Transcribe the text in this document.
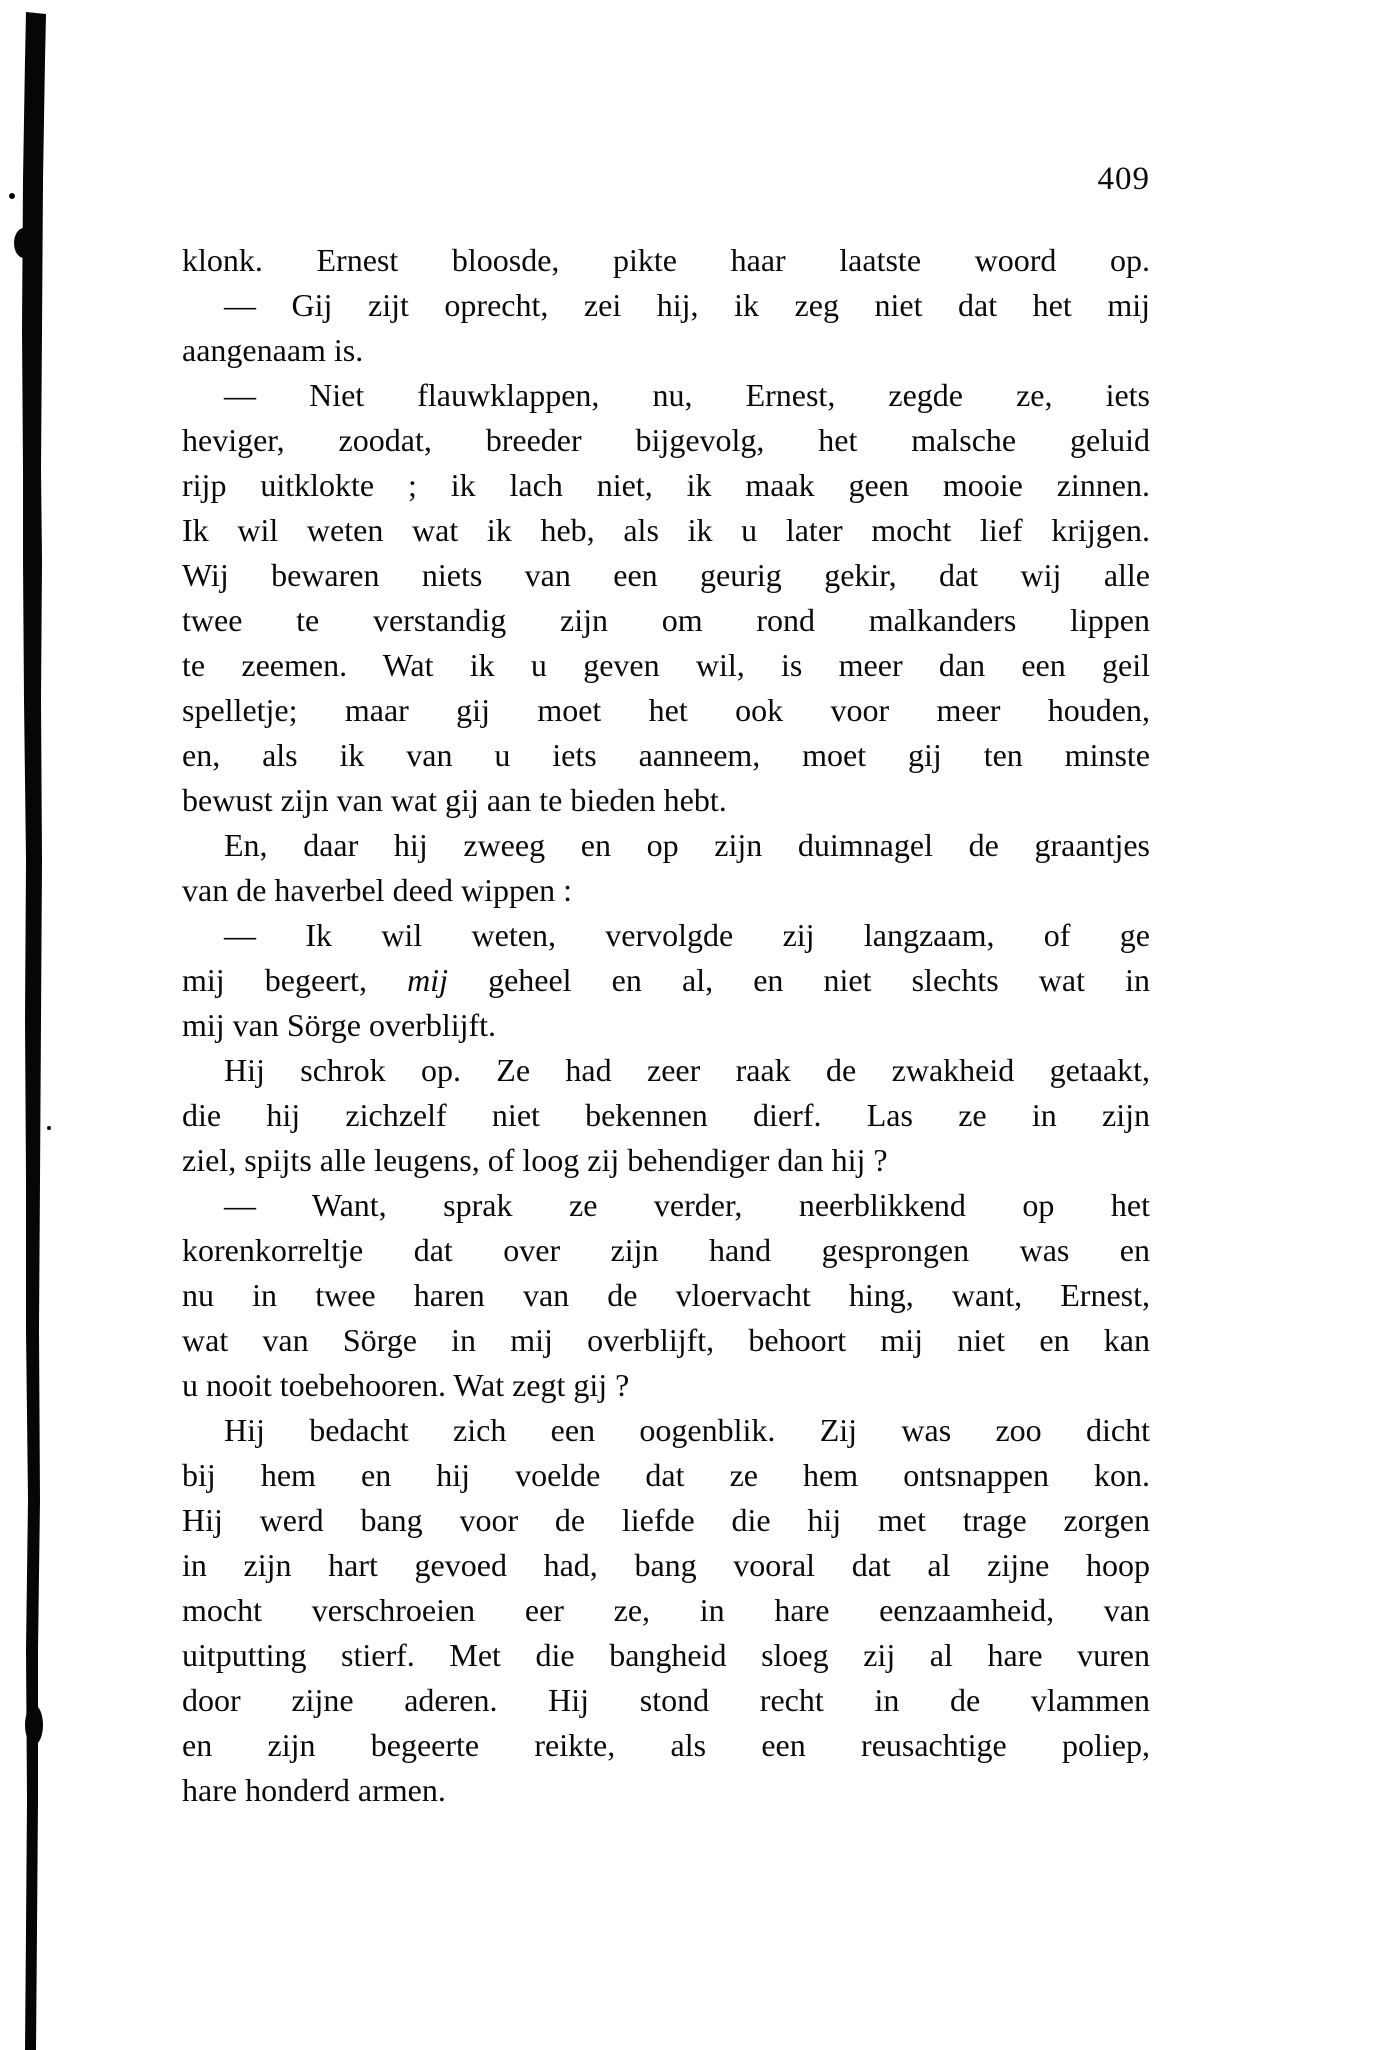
409
klonk. Ernest bloosde, pikte haar laatste woord op.
— Gij zijt oprecht, zei hij, ik zeg niet dat het mij
aangenaam is.
— Niet flauwklappen, nu, Ernest, zegde ze, iets
heviger, zoodat, breeder bijgevolg, het malsche geluid
rijp uitklokte ; ik lach niet, ik maak geen mooie zinnen.
Ik wil weten wat ik heb, als ik u later mocht lief krijgen.
Wij bewaren niets van een geurig gekir, dat wij alle
twee te verstandig zijn om rond malkanders lippen
te zeemen. Wat ik u geven wil, is meer dan een geil
spelletje; maar gij moet het ook voor meer houden,
en, als ik van u iets aanneem, moet gij ten minste
bewust zijn van wat gij aan te bieden hebt.
En, daar hij zweeg en op zijn duimnagel de graantjes
van de haverbel deed wippen :
— Ik wil weten, vervolgde zij langzaam, of ge
mij begeert, mij geheel en al, en niet slechts wat in
mij van Sörge overblijft.
Hij schrok op. Ze had zeer raak de zwakheid getaakt,
die hij zichzelf niet bekennen dierf. Las ze in zijn
ziel, spijts alle leugens, of loog zij behendiger dan hij ?
— Want, sprak ze verder, neerblikkend op het
korenkorreltje dat over zijn hand gesprongen was en
nu in twee haren van de vloervacht hing, want, Ernest,
wat van Sörge in mij overblijft, behoort mij niet en kan
u nooit toebehooren. Wat zegt gij ?
Hij bedacht zich een oogenblik. Zij was zoo dicht
bij hem en hij voelde dat ze hem ontsnappen kon.
Hij werd bang voor de liefde die hij met trage zorgen
in zijn hart gevoed had, bang vooral dat al zijne hoop
mocht verschroeien eer ze, in hare eenzaamheid, van
uitputting stierf. Met die bangheid sloeg zij al hare vuren
door zijne aderen. Hij stond recht in de vlammen
en zijn begeerte reikte, als een reusachtige poliep,
hare honderd armen.
